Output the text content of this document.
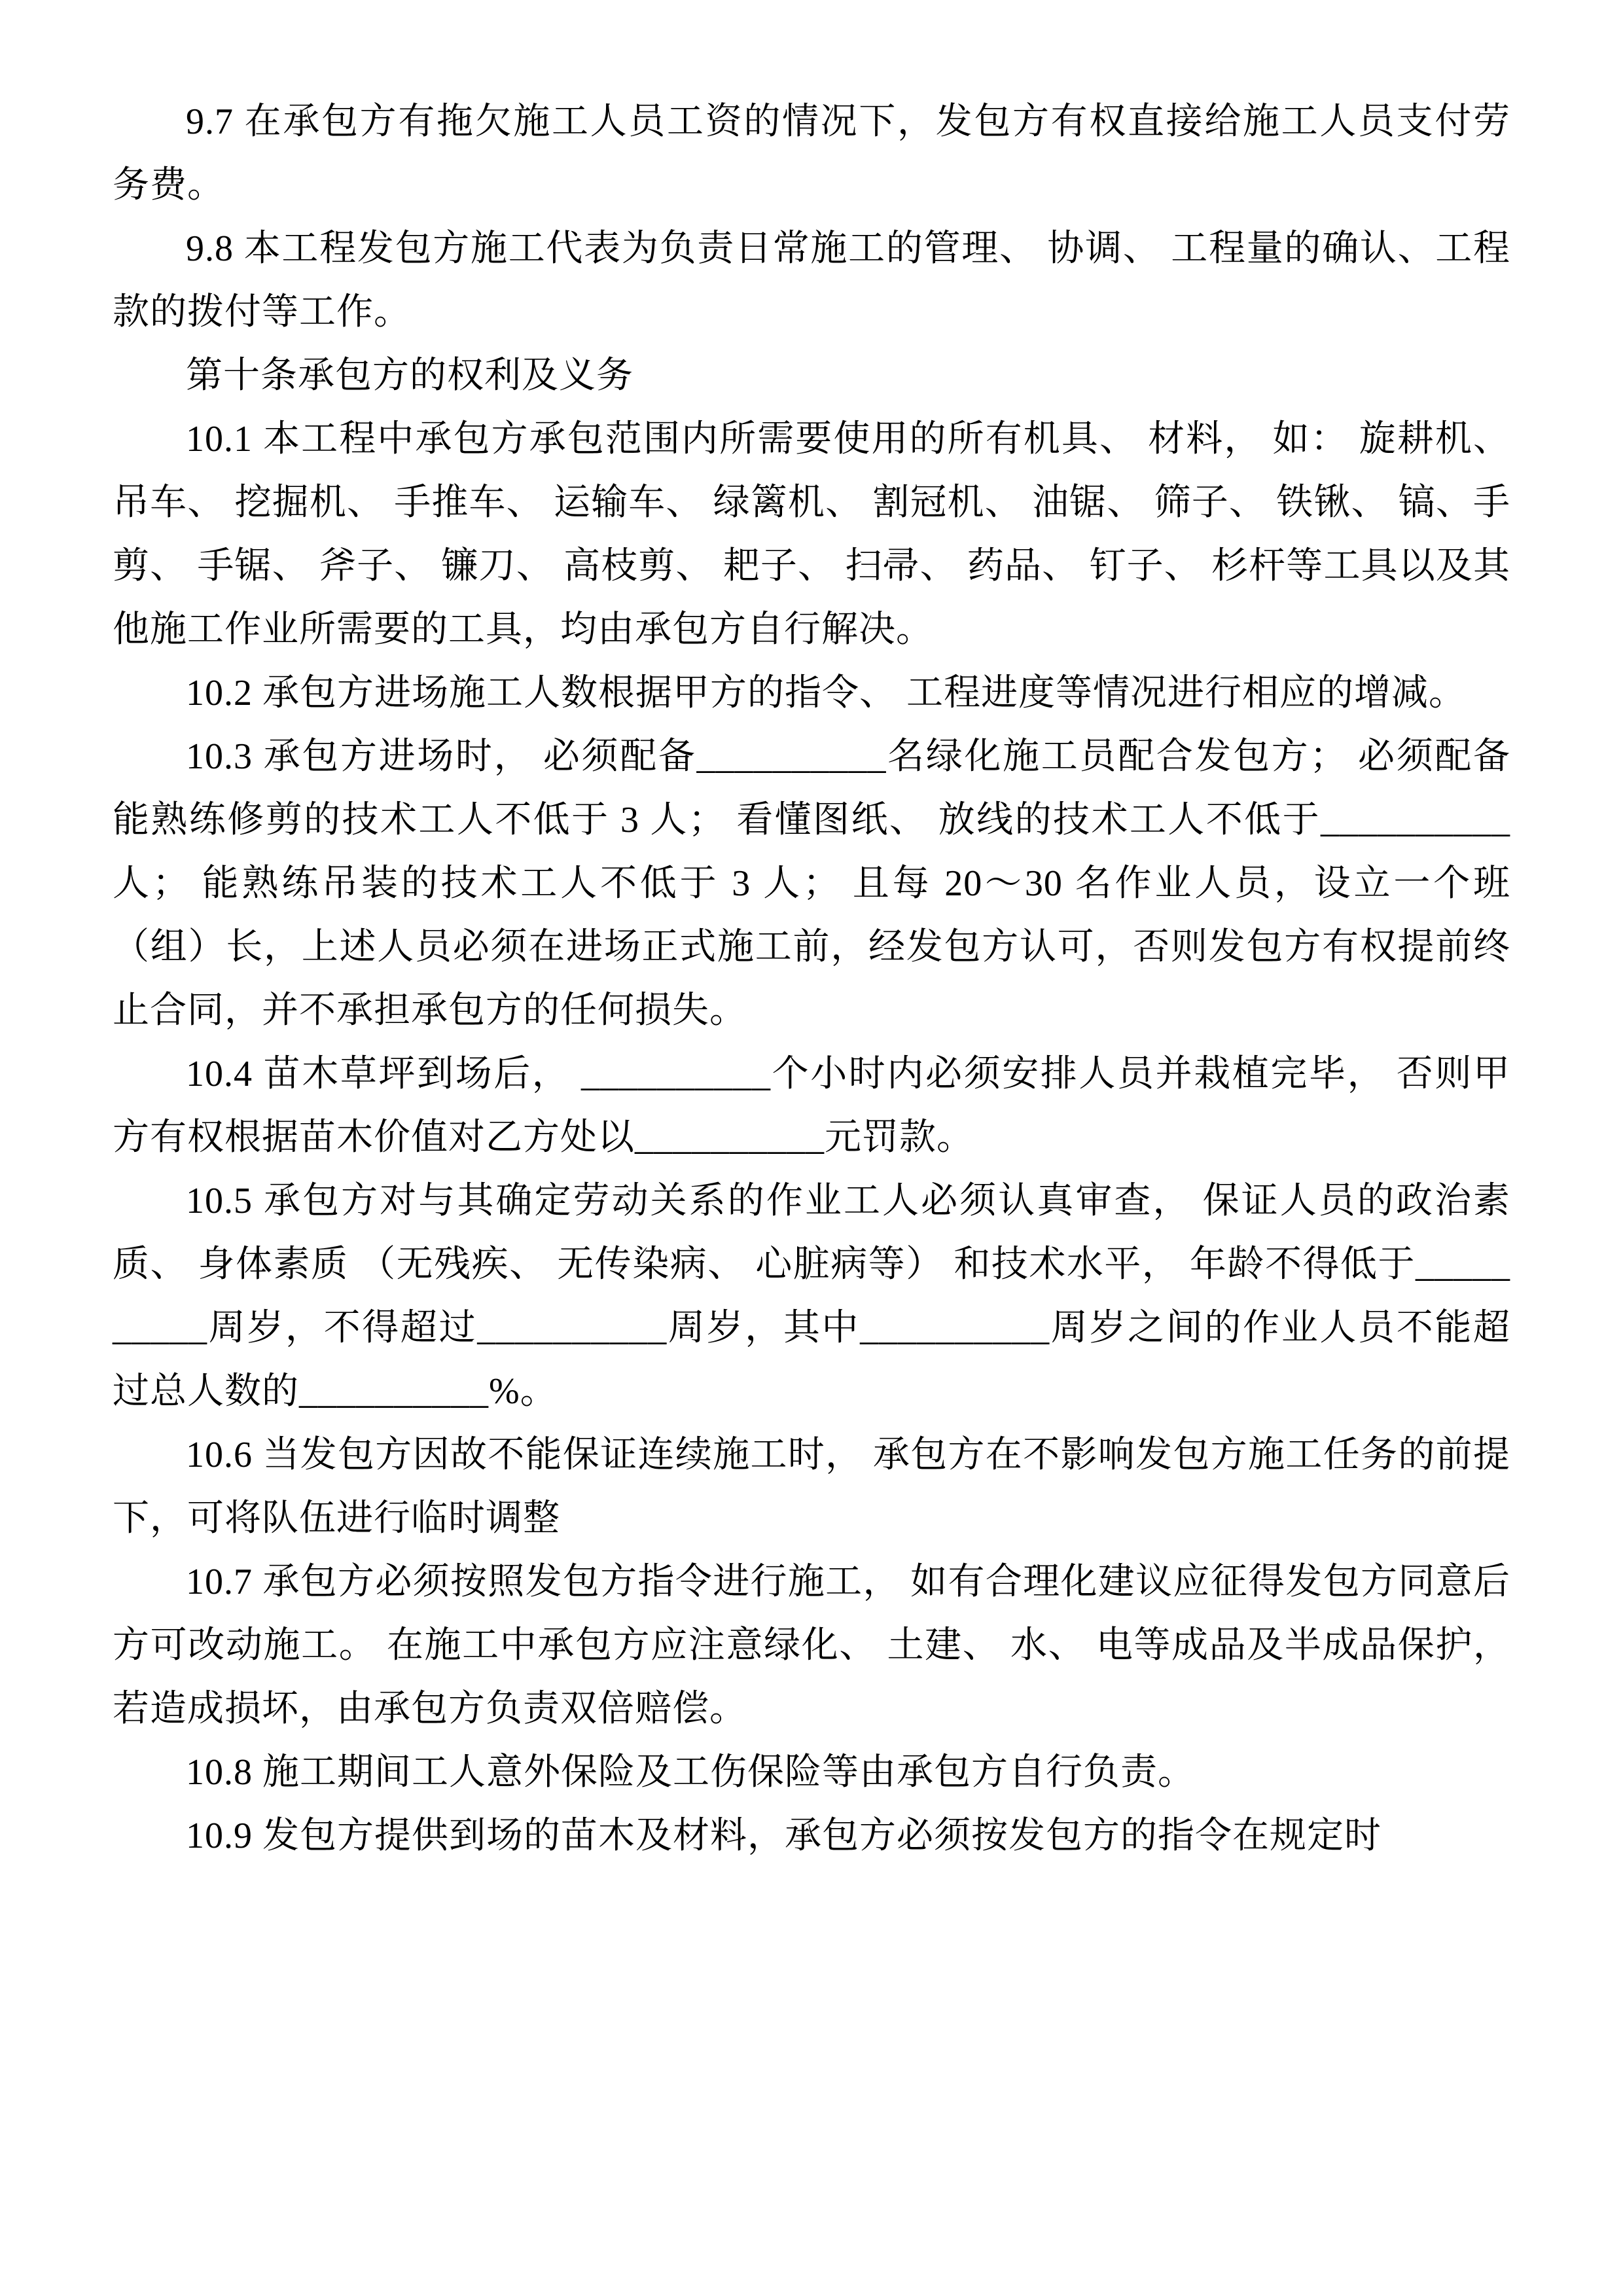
9.7 在承包方有拖欠施工人员工资的情况下，发包方有权直接给施工人员支付劳务费。

9.8 本工程发包方施工代表为负责日常施工的管理、 协调、 工程量的确认、工程款的拨付等工作。

第十条承包方的权利及义务

10.1 本工程中承包方承包范围内所需要使用的所有机具、 材料， 如： 旋耕机、 吊车、 挖掘机、 手推车、 运输车、 绿篱机、 割冠机、 油锯、 筛子、 铁锹、 镐、手剪、 手锯、 斧子、 镰刀、 高枝剪、 耙子、 扫帚、 药品、 钉子、 杉杆等工具以及其他施工作业所需要的工具，均由承包方自行解决。

10.2 承包方进场施工人数根据甲方的指令、 工程进度等情况进行相应的增减。

10.3 承包方进场时， 必须配备__________名绿化施工员配合发包方； 必须配备能熟练修剪的技术工人不低于 3 人； 看懂图纸、 放线的技术工人不低于__________人； 能熟练吊装的技术工人不低于 3 人； 且每 20～30 名作业人员，设立一个班（组）长，上述人员必须在进场正式施工前，经发包方认可，否则发包方有权提前终止合同，并不承担承包方的任何损失。

10.4 苗木草坪到场后， __________个小时内必须安排人员并栽植完毕， 否则甲方有权根据苗木价值对乙方处以__________元罚款。

10.5 承包方对与其确定劳动关系的作业工人必须认真审查， 保证人员的政治素质、 身体素质 （无残疾、 无传染病、 心脏病等） 和技术水平， 年龄不得低于__________周岁，不得超过__________周岁，其中__________周岁之间的作业人员不能超过总人数的__________%。

10.6 当发包方因故不能保证连续施工时， 承包方在不影响发包方施工任务的前提下，可将队伍进行临时调整

10.7 承包方必须按照发包方指令进行施工， 如有合理化建议应征得发包方同意后方可改动施工。 在施工中承包方应注意绿化、 土建、 水、 电等成品及半成品保护，若造成损坏，由承包方负责双倍赔偿。

10.8 施工期间工人意外保险及工伤保险等由承包方自行负责。

10.9 发包方提供到场的苗木及材料，承包方必须按发包方的指令在规定时
